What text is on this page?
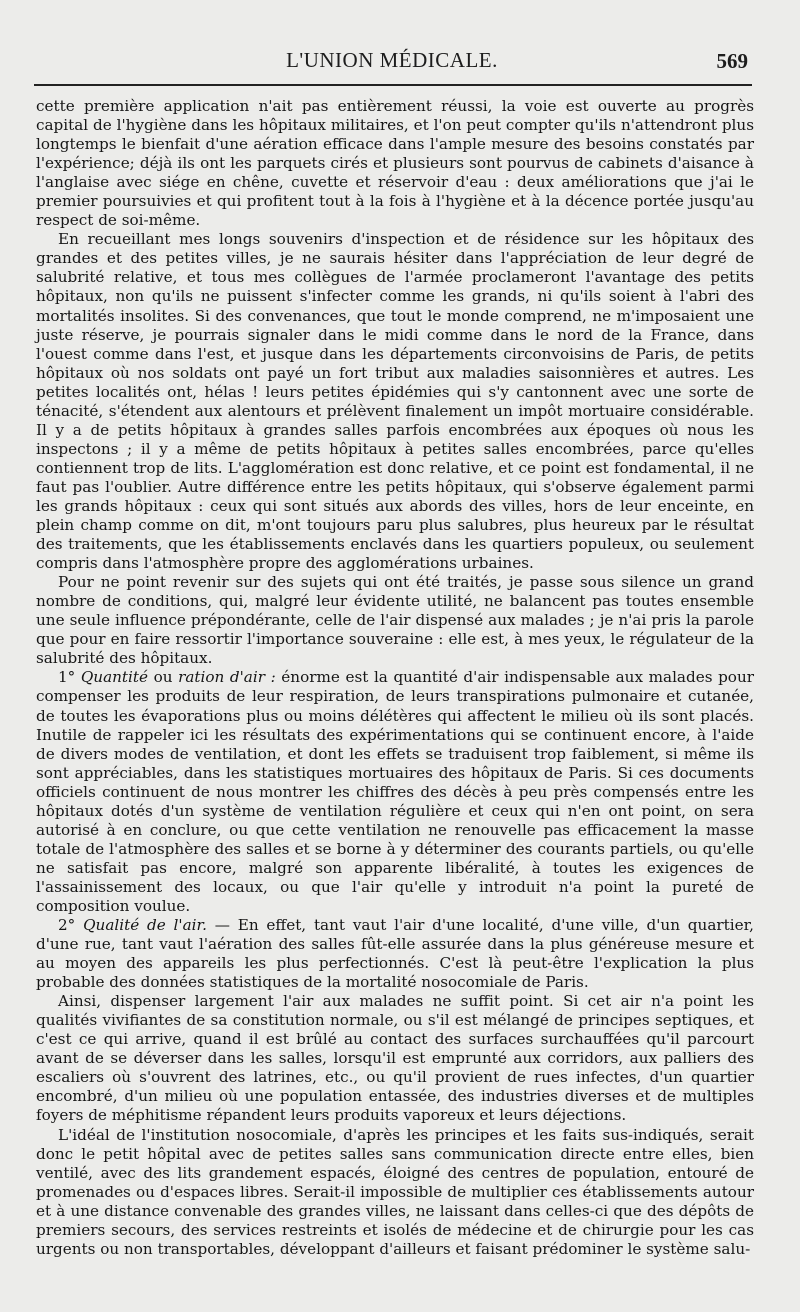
L'UNION MÉDICALE.	569

cette première application n'ait pas entièrement réussi, la voie est ouverte au progrès capital de l'hygiène dans les hôpitaux militaires, et l'on peut compter qu'ils n'attendront plus longtemps le bienfait d'une aération efficace dans l'ample mesure des besoins constatés par l'expérience; déjà ils ont les parquets cirés et plusieurs sont pourvus de cabinets d'aisance à l'anglaise avec siége en chêne, cuvette et réservoir d'eau : deux améliorations que j'ai le premier poursuivies et qui profitent tout à la fois à l'hygiène et à la décence portée jusqu'au respect de soi-même.

En recueillant mes longs souvenirs d'inspection et de résidence sur les hôpitaux des grandes et des petites villes, je ne saurais hésiter dans l'appréciation de leur degré de salubrité relative, et tous mes collègues de l'armée proclameront l'avantage des petits hôpitaux, non qu'ils ne puissent s'infecter comme les grands, ni qu'ils soient à l'abri des mortalités insolites. Si des convenances, que tout le monde comprend, ne m'imposaient une juste réserve, je pourrais signaler dans le midi comme dans le nord de la France, dans l'ouest comme dans l'est, et jusque dans les départements circonvoisins de Paris, de petits hôpitaux où nos soldats ont payé un fort tribut aux maladies saisonnières et autres. Les petites localités ont, hélas ! leurs petites épidémies qui s'y cantonnent avec une sorte de ténacité, s'étendent aux alentours et prélèvent finalement un impôt mortuaire considérable. Il y a de petits hôpitaux à grandes salles parfois encombrées aux époques où nous les inspectons ; il y a même de petits hôpitaux à petites salles encombrées, parce qu'elles contiennent trop de lits. L'agglomération est donc relative, et ce point est fondamental, il ne faut pas l'oublier. Autre différence entre les petits hôpitaux, qui s'observe également parmi les grands hôpitaux : ceux qui sont situés aux abords des villes, hors de leur enceinte, en plein champ comme on dit, m'ont toujours paru plus salubres, plus heureux par le résultat des traitements, que les établissements enclavés dans les quartiers populeux, ou seulement compris dans l'atmosphère propre des agglomérations urbaines.

Pour ne point revenir sur des sujets qui ont été traités, je passe sous silence un grand nombre de conditions, qui, malgré leur évidente utilité, ne balancent pas toutes ensemble une seule influence prépondérante, celle de l'air dispensé aux malades ; je n'ai pris la parole que pour en faire ressortir l'importance souveraine : elle est, à mes yeux, le régulateur de la salubrité des hôpitaux.

1° Quantité ou ration d'air : énorme est la quantité d'air indispensable aux malades pour compenser les produits de leur respiration, de leurs transpirations pulmonaire et cutanée, de toutes les évaporations plus ou moins délétères qui affectent le milieu où ils sont placés. Inutile de rappeler ici les résultats des expérimentations qui se continuent encore, à l'aide de divers modes de ventilation, et dont les effets se traduisent trop faiblement, si même ils sont appréciables, dans les statistiques mortuaires des hôpitaux de Paris. Si ces documents officiels continuent de nous montrer les chiffres des décès à peu près compensés entre les hôpitaux dotés d'un système de ventilation régulière et ceux qui n'en ont point, on sera autorisé à en conclure, ou que cette ventilation ne renouvelle pas efficacement la masse totale de l'atmosphère des salles et se borne à y déterminer des courants partiels, ou qu'elle ne satisfait pas encore, malgré son apparente libéralité, à toutes les exigences de l'assainissement des locaux, ou que l'air qu'elle y introduit n'a point la pureté de composition voulue.

2° Qualité de l'air. — En effet, tant vaut l'air d'une localité, d'une ville, d'un quartier, d'une rue, tant vaut l'aération des salles fût-elle assurée dans la plus généreuse mesure et au moyen des appareils les plus perfectionnés. C'est là peut-être l'explication la plus probable des données statistiques de la mortalité nosocomiale de Paris.

Ainsi, dispenser largement l'air aux malades ne suffit point. Si cet air n'a point les qualités vivifiantes de sa constitution normale, ou s'il est mélangé de principes septiques, et c'est ce qui arrive, quand il est brûlé au contact des surfaces surchauffées qu'il parcourt avant de se déverser dans les salles, lorsqu'il est emprunté aux corridors, aux palliers des escaliers où s'ouvrent des latrines, etc., ou qu'il provient de rues infectes, d'un quartier encombré, d'un milieu où une population entassée, des industries diverses et de multiples foyers de méphitisme répandent leurs produits vaporeux et leurs déjections.

L'idéal de l'institution nosocomiale, d'après les principes et les faits sus-indiqués, serait donc le petit hôpital avec de petites salles sans communication directe entre elles, bien ventilé, avec des lits grandement espacés, éloigné des centres de population, entouré de promenades ou d'espaces libres. Serait-il impossible de multiplier ces établissements autour et à une distance convenable des grandes villes, ne laissant dans celles-ci que des dépôts de premiers secours, des services restreints et isolés de médecine et de chirurgie pour les cas urgents ou non transportables, développant d'ailleurs et faisant prédominer le système salu-
